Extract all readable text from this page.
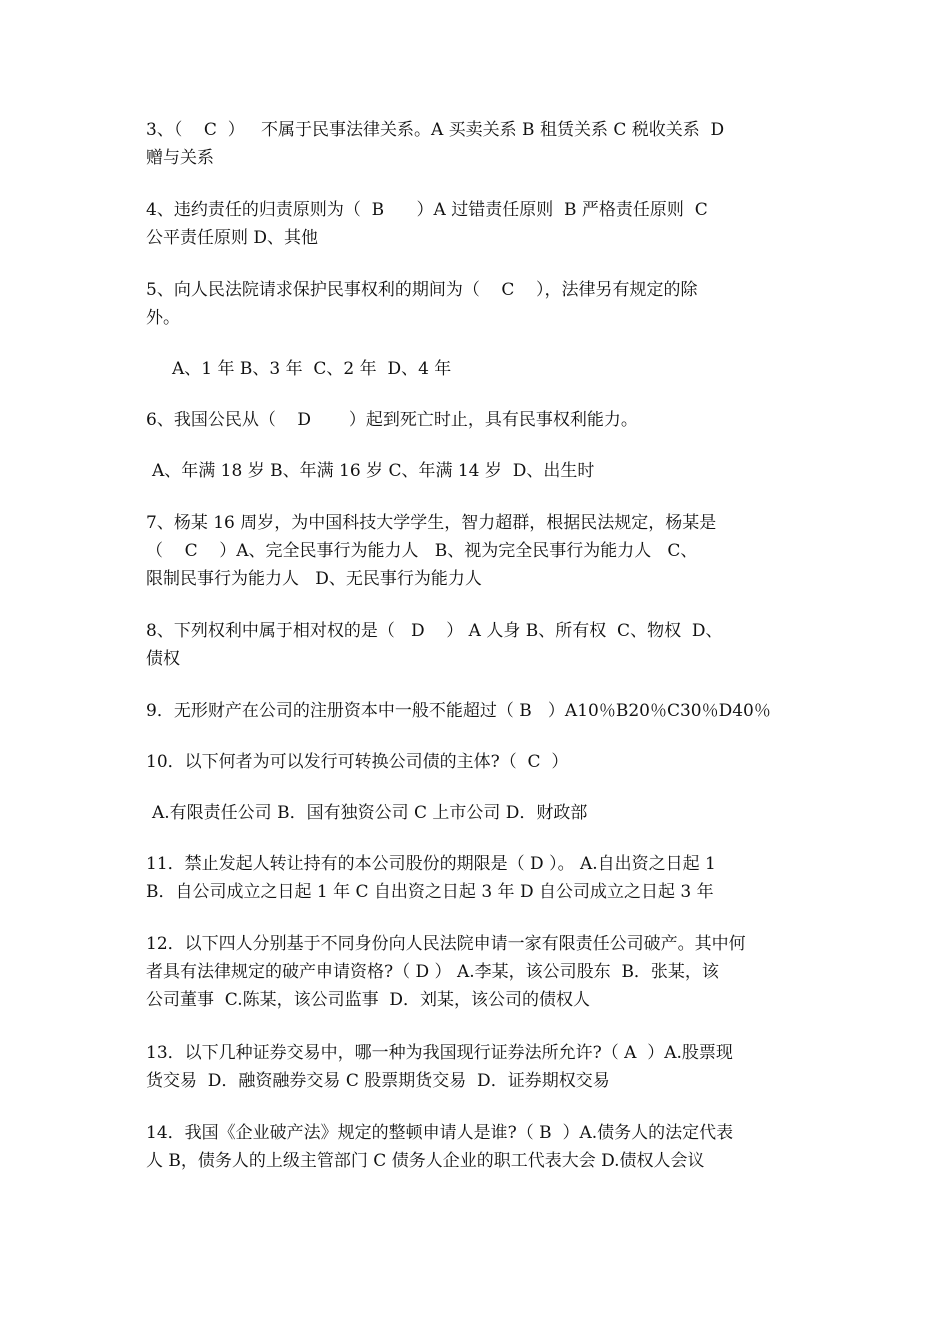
3、（    C  ）   不属于民事法律关系。A 买卖关系 B 租赁关系 C 税收关系  D
赠与关系

4、违约责任的归责原则为（  B      ）A 过错责任原则  B 严格责任原则  C
公平责任原则 D、其他

5、向人民法院请求保护民事权利的期间为（    C    ），法律另有规定的除
外。

A、1 年 B、3 年  C、2 年  D、4 年

6、我国公民从（    D       ）起到死亡时止，具有民事权利能力。

A、年满 18 岁 B、年满 16 岁 C、年满 14 岁  D、出生时

7、杨某 16 周岁，为中国科技大学学生，智力超群，根据民法规定，杨某是
（    C    ）A、完全民事行为能力人   B、视为完全民事行为能力人   C、
限制民事行为能力人   D、无民事行为能力人

8、下列权利中属于相对权的是（   D    ） A 人身 B、所有权  C、物权  D、
债权

9．无形财产在公司的注册资本中一般不能超过（ B   ）A10％B20％C30％D40％

10．以下何者为可以发行可转换公司债的主体?（  C  ）

A.有限责任公司 B．国有独资公司 C 上市公司 D．财政部

11．禁止发起人转让持有的本公司股份的期限是（ D ）。 A.自出资之日起 1
B．自公司成立之日起 1 年 C 自出资之日起 3 年 D 自公司成立之日起 3 年

12．以下四人分别基于不同身份向人民法院申请一家有限责任公司破产。其中何
者具有法律规定的破产申请资格?（ D ） A.李某，该公司股东  B．张某，该
公司董事  C.陈某，该公司监事  D．刘某，该公司的债权人

13．以下几种证券交易中，哪一种为我国现行证券法所允许?（ A  ）A.股票现
货交易  D．融资融券交易 C 股票期货交易  D．证券期权交易

14．我国《企业破产法》规定的整顿申请人是谁?（ B  ）A.债务人的法定代表
人 B，债务人的上级主管部门 C 债务人企业的职工代表大会 D.债权人会议
